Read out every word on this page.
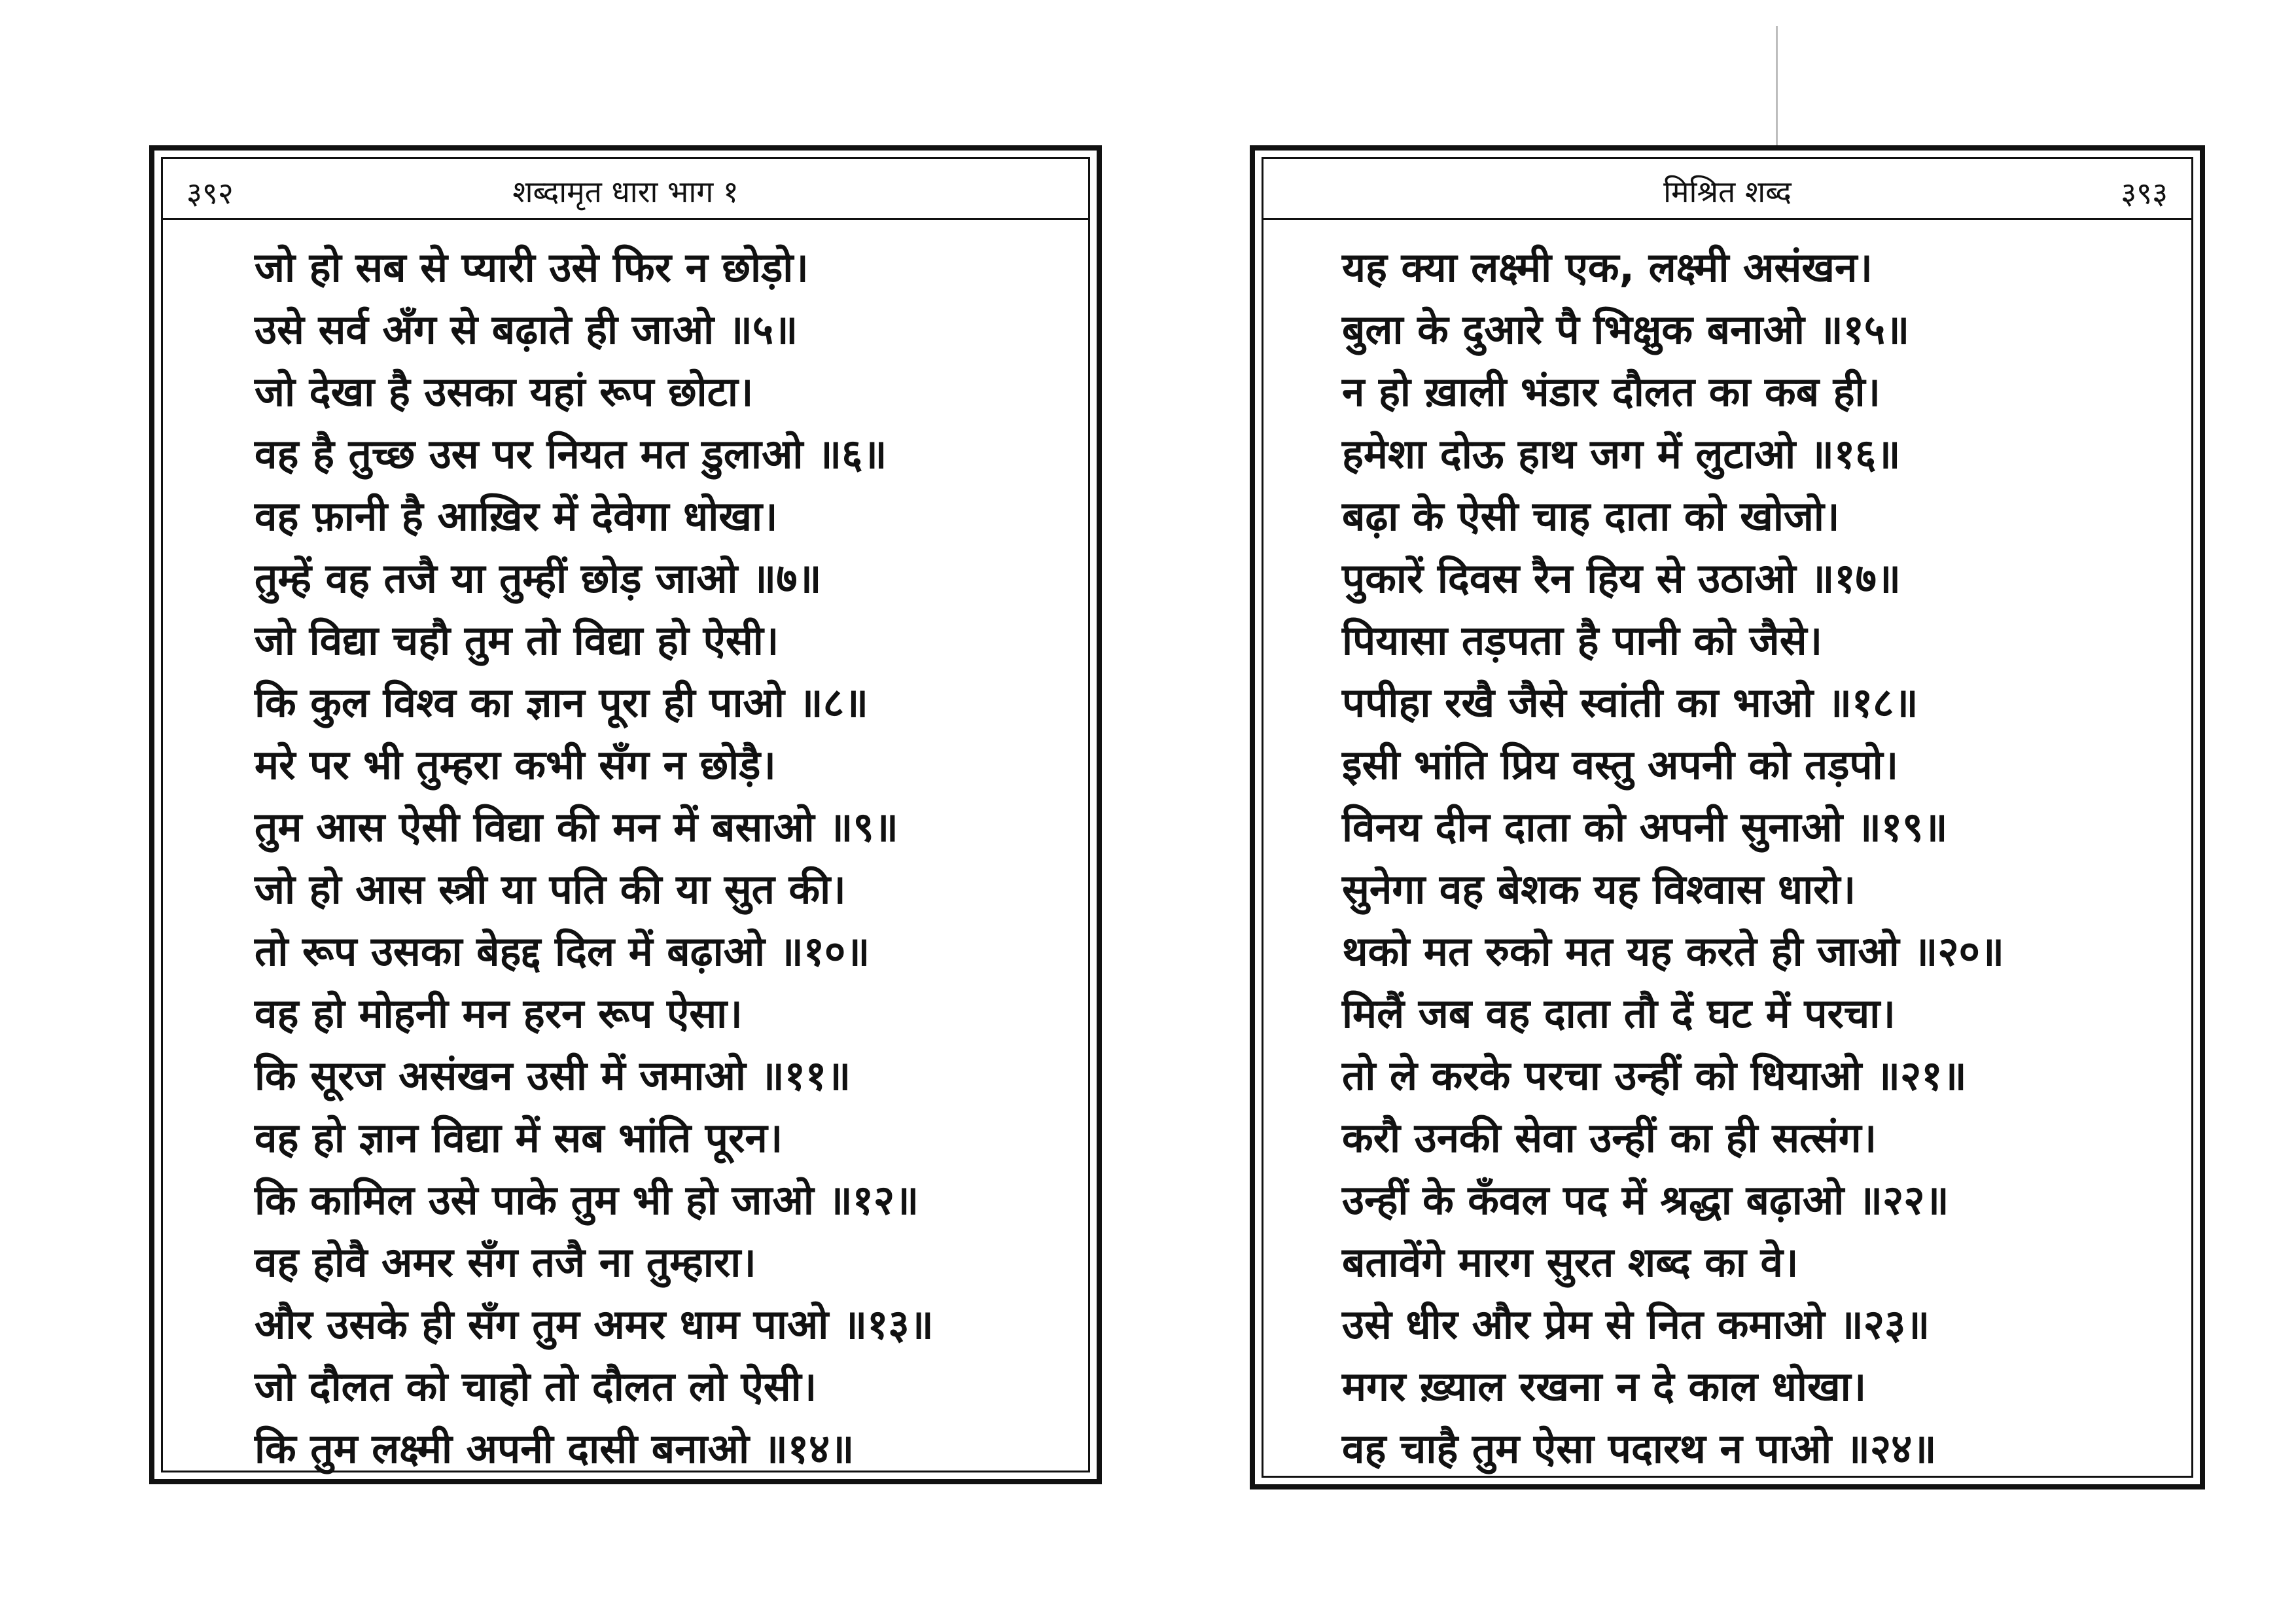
३९२	शब्दामृत धारा भाग १
जो हो सब से प्यारी उसे फिर न छोड़ो।
उसे सर्व अँग से बढ़ाते ही जाओ ॥५॥
जो देखा है उसका यहां रूप छोटा।
वह है तुच्छ उस पर नियत मत डुलाओ ॥६॥
वह फ़ानी है आख़िर में देवेगा धोखा।
तुम्हें वह तजै या तुम्हीं छोड़ जाओ ॥७॥
जो विद्या चहौ तुम तो विद्या हो ऐसी।
कि कुल विश्व का ज्ञान पूरा ही पाओ ॥८॥
मरे पर भी तुम्हरा कभी सँग न छोड़ै।
तुम आस ऐसी विद्या की मन में बसाओ ॥९॥
जो हो आस स्त्री या पति की या सुत की।
तो रूप उसका बेहद्द दिल में बढ़ाओ ॥१०॥
वह हो मोहनी मन हरन रूप ऐसा।
कि सूरज असंखन उसी में जमाओ ॥११॥
वह हो ज्ञान विद्या में सब भांति पूरन।
कि कामिल उसे पाके तुम भी हो जाओ ॥१२॥
वह होवै अमर सँग तजै ना तुम्हारा।
और उसके ही सँग तुम अमर धाम पाओ ॥१३॥
जो दौलत को चाहो तो दौलत लो ऐसी।
कि तुम लक्ष्मी अपनी दासी बनाओ ॥१४॥
मिश्रित शब्द	३९३
यह क्या लक्ष्मी एक, लक्ष्मी असंखन।
बुला के दुआरे पै भिक्षुक बनाओ ॥१५॥
न हो ख़ाली भंडार दौलत का कब ही।
हमेशा दोऊ हाथ जग में लुटाओ ॥१६॥
बढ़ा के ऐसी चाह दाता को खोजो।
पुकारें दिवस रैन हिय से उठाओ ॥१७॥
पियासा तड़पता है पानी को जैसे।
पपीहा रखै जैसे स्वांती का भाओ ॥१८॥
इसी भांति प्रिय वस्तु अपनी को तड़पो।
विनय दीन दाता को अपनी सुनाओ ॥१९॥
सुनेगा वह बेशक यह विश्वास धारो।
थको मत रुको मत यह करते ही जाओ ॥२०॥
मिलैं जब वह दाता तौ दें घट में परचा।
तो ले करके परचा उन्हीं को धियाओ ॥२१॥
करौ उनकी सेवा उन्हीं का ही सत्संग।
उन्हीं के कँवल पद में श्रद्धा बढ़ाओ ॥२२॥
बतावेंगे मारग सुरत शब्द का वे।
उसे धीर और प्रेम से नित कमाओ ॥२३॥
मगर ख़्याल रखना न दे काल धोखा।
वह चाहै तुम ऐसा पदारथ न पाओ ॥२४॥
